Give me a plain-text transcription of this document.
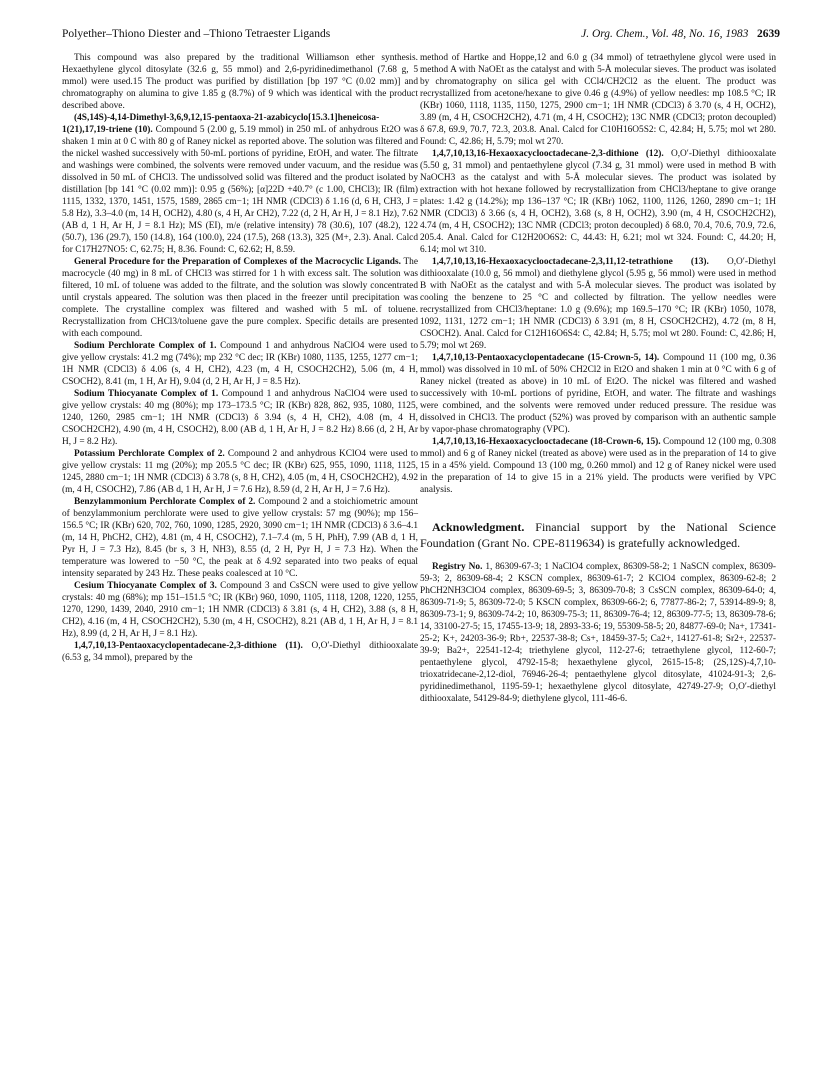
Polyether–Thiono Diester and –Thiono Tetraester Ligands	J. Org. Chem., Vol. 48, No. 16, 1983 2639

This compound was also prepared by the traditional Williamson ether synthesis. Hexaethylene glycol ditosylate (32.6 g, 55 mmol) and 2,6-pyridinedimethanol (7.68 g, 5 mmol) were used.15 The product was purified by distillation [bp 197 °C (0.02 mm)] and chromatography on alumina to give 1.85 g (8.7%) of 9 which was identical with the product described above.

(4S,14S)-4,14-Dimethyl-3,6,9,12,15-pentaoxa-21-azabicyclo[15.3.1]heneicosa-1(21),17,19-triene (10). Compound 5 (2.00 g, 5.19 mmol) in 250 mL of anhydrous Et2O was shaken 1 min at 0 C with 80 g of Raney nickel as reported above. The solution was filtered and the nickel washed successively with 50-mL portions of pyridine, EtOH, and water. The filtrate and washings were combined, the solvents were removed under vacuum, and the residue was dissolved in 50 mL of CHCl3. The undissolved solid was filtered and the product isolated by distillation [bp 141 °C (0.02 mm)]: 0.95 g (56%); [α]22D +40.7° (c 1.00, CHCl3); IR (film) 1115, 1332, 1370, 1451, 1575, 1589, 2865 cm−1; 1H NMR (CDCl3) δ 1.16 (d, 6 H, CH3, J = 5.8 Hz), 3.3–4.0 (m, 14 H, OCH2), 4.80 (s, 4 H, Ar CH2), 7.22 (d, 2 H, Ar H, J = 8.1 Hz), 7.62 (AB d, 1 H, Ar H, J = 8.1 Hz); MS (EI), m/e (relative intensity) 78 (30.6), 107 (48.2), 122 (50.7), 136 (29.7), 150 (14.8), 164 (100.0), 224 (17.5), 268 (13.3), 325 (M+, 2.3). Anal. Calcd for C17H27NO5: C, 62.75; H, 8.36. Found: C, 62.62; H, 8.59.

General Procedure for the Preparation of Complexes of the Macrocyclic Ligands. The macrocycle (40 mg) in 8 mL of CHCl3 was stirred for 1 h with excess salt. The solution was filtered, 10 mL of toluene was added to the filtrate, and the solution was slowly concentrated until crystals appeared. The solution was then placed in the freezer until precipitation was complete. The crystalline complex was filtered and washed with 5 mL of toluene. Recrystallization from CHCl3/toluene gave the pure complex. Specific details are presented with each compound.

Sodium Perchlorate Complex of 1. Compound 1 and anhydrous NaClO4 were used to give yellow crystals: 41.2 mg (74%); mp 232 °C dec; IR (KBr) 1080, 1135, 1255, 1277 cm−1; 1H NMR (CDCl3) δ 4.06 (s, 4 H, CH2), 4.23 (m, 4 H, CSOCH2CH2), 5.06 (m, 4 H, CSOCH2), 8.41 (m, 1 H, Ar H), 9.04 (d, 2 H, Ar H, J = 8.5 Hz).

Sodium Thiocyanate Complex of 1. Compound 1 and anhydrous NaClO4 were used to give yellow crystals: 40 mg (80%); mp 173–173.5 °C; IR (KBr) 828, 862, 935, 1080, 1125, 1240, 1260, 2985 cm−1; 1H NMR (CDCl3) δ 3.94 (s, 4 H, CH2), 4.08 (m, 4 H, CSOCH2CH2), 4.90 (m, 4 H, CSOCH2), 8.00 (AB d, 1 H, Ar H, J = 8.2 Hz) 8.66 (d, 2 H, Ar H, J = 8.2 Hz).

Potassium Perchlorate Complex of 2. Compound 2 and anhydrous KClO4 were used to give yellow crystals: 11 mg (20%); mp 205.5 °C dec; IR (KBr) 625, 955, 1090, 1118, 1125, 1245, 2880 cm−1; 1H NMR (CDCl3) δ 3.78 (s, 8 H, CH2), 4.05 (m, 4 H, CSOCH2CH2), 4.92 (m, 4 H, CSOCH2), 7.86 (AB d, 1 H, Ar H, J = 7.6 Hz), 8.59 (d, 2 H, Ar H, J = 7.6 Hz).

Benzylammonium Perchlorate Complex of 2. Compound 2 and a stoichiometric amount of benzylammonium perchlorate were used to give yellow crystals: 57 mg (90%); mp 156–156.5 °C; IR (KBr) 620, 702, 760, 1090, 1285, 2920, 3090 cm−1; 1H NMR (CDCl3) δ 3.6–4.1 (m, 14 H, PhCH2, CH2), 4.81 (m, 4 H, CSOCH2), 7.1–7.4 (m, 5 H, PhH), 7.99 (AB d, 1 H, Pyr H, J = 7.3 Hz), 8.45 (br s, 3 H, NH3), 8.55 (d, 2 H, Pyr H, J = 7.3 Hz). When the temperature was lowered to −50 °C, the peak at δ 4.92 separated into two peaks of equal intensity separated by 243 Hz. These peaks coalesced at 10 °C.

Cesium Thiocyanate Complex of 3. Compound 3 and CsSCN were used to give yellow crystals: 40 mg (68%); mp 151–151.5 °C; IR (KBr) 960, 1090, 1105, 1118, 1208, 1220, 1255, 1270, 1290, 1439, 2040, 2910 cm−1; 1H NMR (CDCl3) δ 3.81 (s, 4 H, CH2), 3.88 (s, 8 H, CH2), 4.16 (m, 4 H, CSOCH2CH2), 5.30 (m, 4 H, CSOCH2), 8.21 (AB d, 1 H, Ar H, J = 8.1 Hz), 8.99 (d, 2 H, Ar H, J = 8.1 Hz).

1,4,7,10,13-Pentaoxacyclopentadecane-2,3-dithione (11). O,O′-Diethyl dithiooxalate (6.53 g, 34 mmol), prepared by the

method of Hartke and Hoppe,12 and 6.0 g (34 mmol) of tetraethylene glycol were used in method A with NaOEt as the catalyst and with 5-Å molecular sieves. The product was isolated by chromatography on silica gel with CCl4/CH2Cl2 as the eluent. The product was recrystallized from acetone/hexane to give 0.46 g (4.9%) of yellow needles: mp 108.5 °C; IR (KBr) 1060, 1118, 1135, 1150, 1275, 2900 cm−1; 1H NMR (CDCl3) δ 3.70 (s, 4 H, OCH2), 3.89 (m, 4 H, CSOCH2CH2), 4.71 (m, 4 H, CSOCH2); 13C NMR (CDCl3; proton decoupled) δ 67.8, 69.9, 70.7, 72.3, 203.8. Anal. Calcd for C10H16O5S2: C, 42.84; H, 5.75; mol wt 280. Found: C, 42.86; H, 5.79; mol wt 270.

1,4,7,10,13,16-Hexaoxacyclooctadecane-2,3-dithione (12). O,O′-Diethyl dithiooxalate (5.50 g, 31 mmol) and pentaethylene glycol (7.34 g, 31 mmol) were used in method B with NaOCH3 as the catalyst and with 5-Å molecular sieves. The product was isolated by extraction with hot hexane followed by recrystallization from CHCl3/heptane to give orange plates: 1.42 g (14.2%); mp 136–137 °C; IR (KBr) 1062, 1100, 1126, 1260, 2890 cm−1; 1H NMR (CDCl3) δ 3.66 (s, 4 H, OCH2), 3.68 (s, 8 H, OCH2), 3.90 (m, 4 H, CSOCH2CH2), 4.74 (m, 4 H, CSOCH2); 13C NMR (CDCl3; proton decoupled) δ 68.0, 70.4, 70.6, 70.9, 72.6, 205.4. Anal. Calcd for C12H20O6S2: C, 44.43: H, 6.21; mol wt 324. Found: C, 44.20; H, 6.14; mol wt 310.

1,4,7,10,13,16-Hexaoxacyclooctadecane-2,3,11,12-tetrathione (13). O,O′-Diethyl dithiooxalate (10.0 g, 56 mmol) and diethylene glycol (5.95 g, 56 mmol) were used in method B with NaOEt as the catalyst and with 5-Å molecular sieves. The product was isolated by cooling the benzene to 25 °C and collected by filtration. The yellow needles were recrystallized from CHCl3/heptane: 1.0 g (9.6%); mp 169.5–170 °C; IR (KBr) 1050, 1078, 1092, 1131, 1272 cm−1; 1H NMR (CDCl3) δ 3.91 (m, 8 H, CSOCH2CH2), 4.72 (m, 8 H, CSOCH2). Anal. Calcd for C12H16O6S4: C, 42.84; H, 5.75; mol wt 280. Found: C, 42.86; H, 5.79; mol wt 269.

1,4,7,10,13-Pentaoxacyclopentadecane (15-Crown-5, 14). Compound 11 (100 mg, 0.36 mmol) was dissolved in 10 mL of 50% CH2Cl2 in Et2O and shaken 1 min at 0 °C with 6 g of Raney nickel (treated as above) in 10 mL of Et2O. The nickel was filtered and washed successively with 10-mL portions of pyridine, EtOH, and water. The filtrate and washings were combined, and the solvents were removed under reduced pressure. The residue was dissolved in CHCl3. The product (52%) was proved by comparison with an authentic sample by vapor-phase chromatography (VPC).

1,4,7,10,13,16-Hexaoxacyclooctadecane (18-Crown-6, 15). Compound 12 (100 mg, 0.308 mmol) and 6 g of Raney nickel (treated as above) were used as in the preparation of 14 to give 15 in a 45% yield. Compound 13 (100 mg, 0.260 mmol) and 12 g of Raney nickel were used in the preparation of 14 to give 15 in a 21% yield. The products were verified by VPC analysis.

Acknowledgment. Financial support by the National Science Foundation (Grant No. CPE-8119634) is gratefully acknowledged.

Registry No. 1, 86309-67-3; 1 NaClO4 complex, 86309-58-2; 1 NaSCN complex, 86309-59-3; 2, 86309-68-4; 2 KSCN complex, 86309-61-7; 2 KClO4 complex, 86309-62-8; 2 PhCH2NH3ClO4 complex, 86309-69-5; 3, 86309-70-8; 3 CsSCN complex, 86309-64-0; 4, 86309-71-9; 5, 86309-72-0; 5 KSCN complex, 86309-66-2; 6, 77877-86-2; 7, 53914-89-9; 8, 86309-73-1; 9, 86309-74-2; 10, 86309-75-3; 11, 86309-76-4; 12, 86309-77-5; 13, 86309-78-6; 14, 33100-27-5; 15, 17455-13-9; 18, 2893-33-6; 19, 55309-58-5; 20, 84877-69-0; Na+, 17341-25-2; K+, 24203-36-9; Rb+, 22537-38-8; Cs+, 18459-37-5; Ca2+, 14127-61-8; Sr2+, 22537-39-9; Ba2+, 22541-12-4; triethylene glycol, 112-27-6; tetraethylene glycol, 112-60-7; pentaethylene glycol, 4792-15-8; hexaethylene glycol, 2615-15-8; (2S,12S)-4,7,10-trioxatridecane-2,12-diol, 76946-26-4; pentaethylene glycol ditosylate, 41024-91-3; 2,6-pyridinedimethanol, 1195-59-1; hexaethylene glycol ditosylate, 42749-27-9; O,O′-diethyl dithiooxalate, 54129-84-9; diethylene glycol, 111-46-6.
